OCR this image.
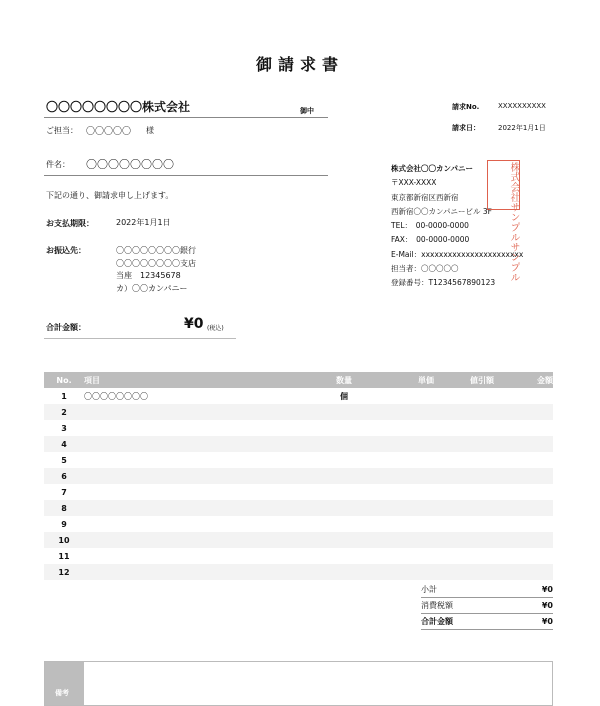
御請求書
〇〇〇〇〇〇〇〇株式会社	御中
ご担当： 〇〇〇〇〇 様
件名： 〇〇〇〇〇〇〇〇
下記の通り、御請求申し上げます。
お支払期限：	2022年1月1日
お振込先：	〇〇〇〇〇〇〇〇銀行
〇〇〇〇〇〇〇〇支店
当座　12345678
カ）〇〇カンパニー
合計金額：	¥0 (税込)
請求No.	XXXXXXXXXX
請求日：	2022年1月1日
株式会社〇〇カンパニー
〒XXX-XXXX
東京都新宿区西新宿
西新宿〇〇カンパニービル 3F
TEL：　00-0000-0000
FAX：　00-0000-0000
E-Mail：xxxxxxxxxxxxxxxxxxxxxxx
担当者：〇〇〇〇〇
登録番号：T1234567890123
株式会社
サンプル
サンプル
No.	項目	数量	単価	値引額	金額
1	〇〇〇〇〇〇〇〇	個
2
3
4
5
6
7
8
9
10
11
12
小計	¥0
消費税額	¥0
合計金額	¥0
備考
